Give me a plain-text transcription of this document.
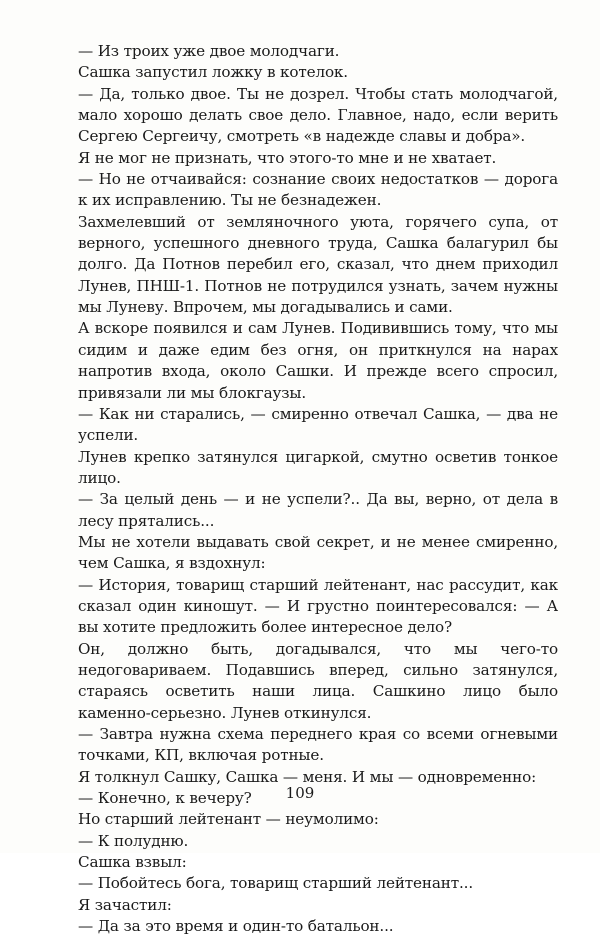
— Из троих уже двое молодчаги.

Сашка запустил ложку в котелок.

— Да, только двое. Ты не дозрел. Чтобы стать молодчагой, мало хорошо делать свое дело. Главное, надо, если верить Сергею Сергеичу, смотреть «в надежде славы и добра».

Я не мог не признать, что этого-то мне и не хватает.

— Но не отчаивайся: сознание своих недостатков — дорога к их исправлению. Ты не безнадежен.

Захмелевший от земляночного уюта, горячего супа, от верного, успешного дневного труда, Сашка балагурил бы долго. Да Потнов перебил его, сказал, что днем приходил Лунев, ПНШ-1. Потнов не потрудился узнать, зачем нужны мы Луневу. Впрочем, мы догадывались и сами.

А вскоре появился и сам Лунев. Подивившись тому, что мы сидим и даже едим без огня, он приткнулся на нарах напротив входа, около Сашки. И прежде всего спросил, привязали ли мы блокгаузы.

— Как ни старались, — смиренно отвечал Сашка, — два не успели.

Лунев крепко затянулся цигаркой, смутно осветив тонкое лицо.

— За целый день — и не успели?.. Да вы, верно, от дела в лесу прятались...

Мы не хотели выдавать свой секрет, и не менее смиренно, чем Сашка, я вздохнул:

— История, товарищ старший лейтенант, нас рассудит, как сказал один киношут. — И грустно поинтересовался: — А вы хотите предложить более интересное дело?

Он, должно быть, догадывался, что мы чего-то недоговариваем. Подавшись вперед, сильно затянулся, стараясь осветить наши лица. Сашкино лицо было каменно-серьезно. Лунев откинулся.

— Завтра нужна схема переднего края со всеми огневыми точками, КП, включая ротные.

Я толкнул Сашку, Сашка — меня. И мы — одновременно:

— Конечно, к вечеру?

Но старший лейтенант — неумолимо:

— К полудню.

Сашка взвыл:

— Побойтесь бога, товарищ старший лейтенант...

Я зачастил:

— Да за это время и один-то батальон...

109
